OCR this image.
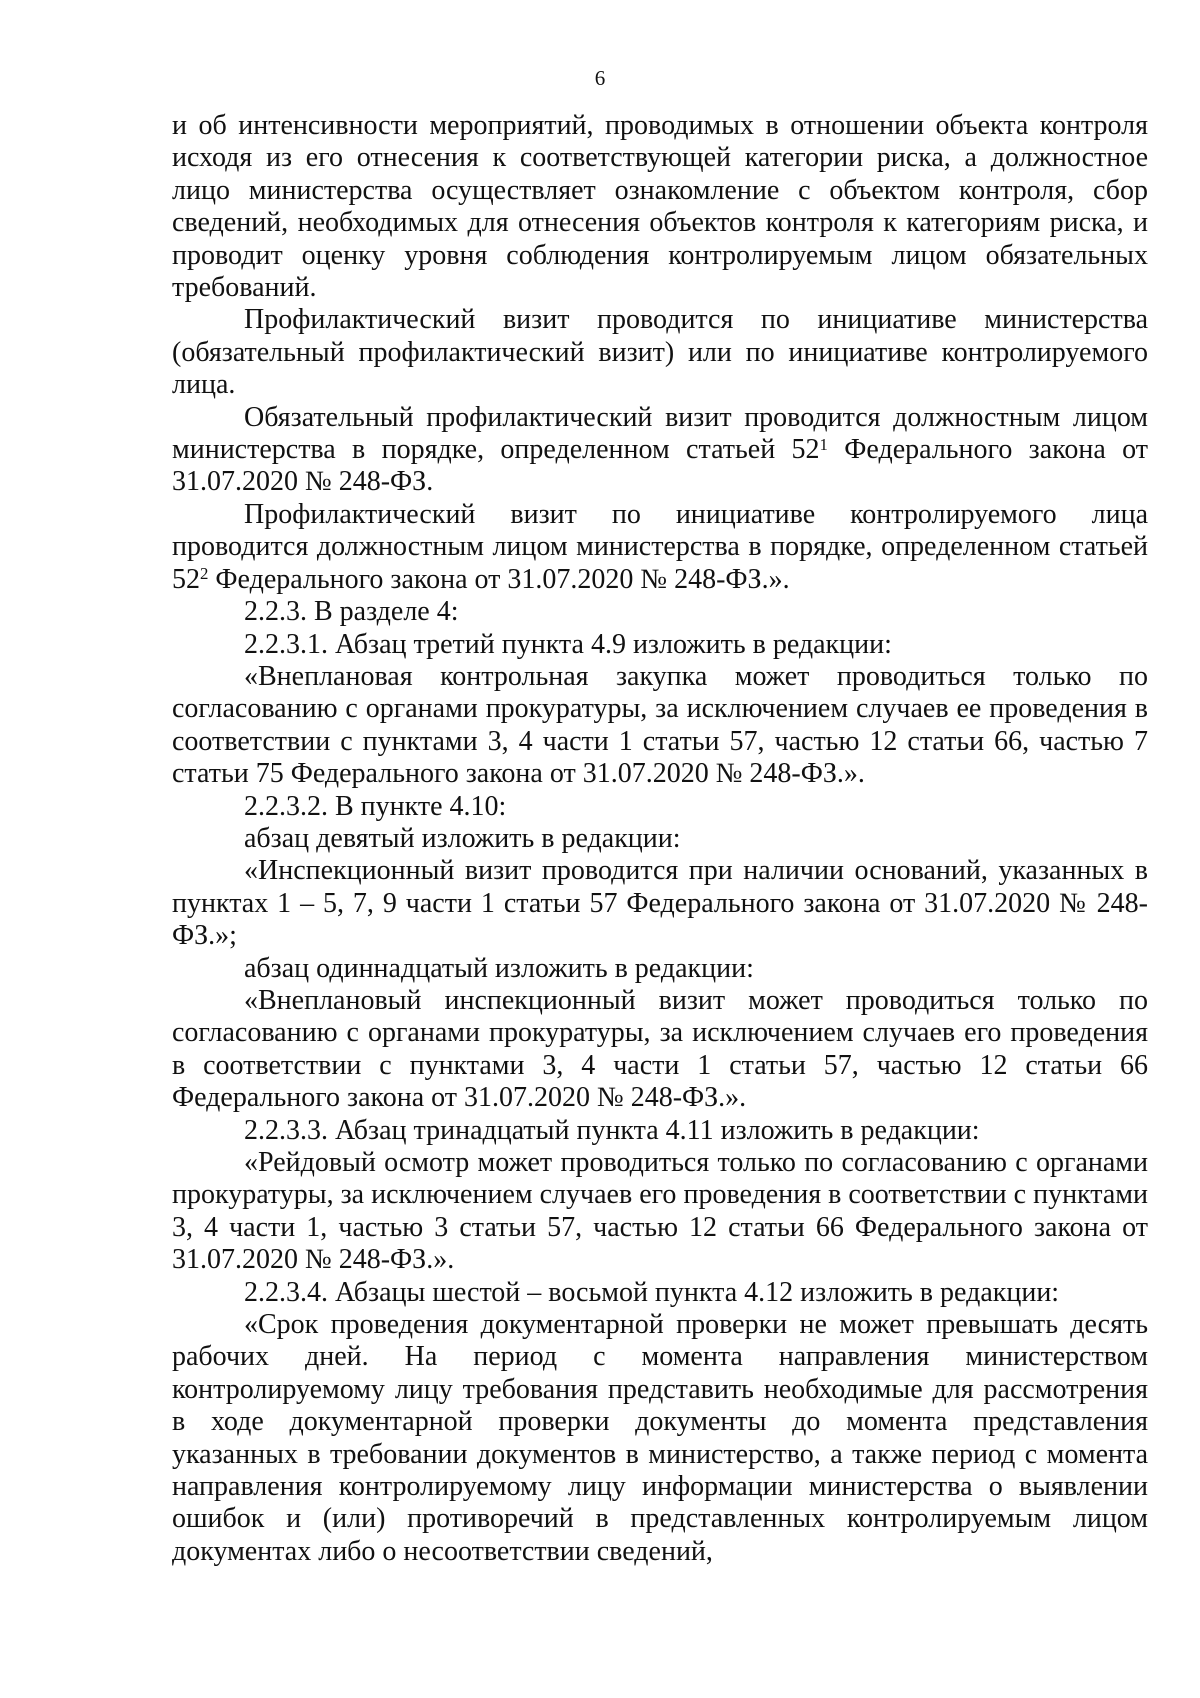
6

и об интенсивности мероприятий, проводимых в отношении объекта контроля исходя из его отнесения к соответствующей категории риска, а должностное лицо министерства осуществляет ознакомление с объектом контроля, сбор сведений, необходимых для отнесения объектов контроля к категориям риска, и проводит оценку уровня соблюдения контролируемым лицом обязательных требований.

Профилактический визит проводится по инициативе министерства (обязательный профилактический визит) или по инициативе контролируемого лица.

Обязательный профилактический визит проводится должностным лицом министерства в порядке, определенном статьей $52^1$ Федерального закона от 31.07.2020 № 248-ФЗ.

Профилактический визит по инициативе контролируемого лица проводится должностным лицом министерства в порядке, определенном статьей $52^2$ Федерального закона от 31.07.2020 № 248-ФЗ.».

2.2.3. В разделе 4:

2.2.3.1. Абзац третий пункта 4.9 изложить в редакции:

«Внеплановая контрольная закупка может проводиться только по согласованию с органами прокуратуры, за исключением случаев ее проведения в соответствии с пунктами 3, 4 части 1 статьи 57, частью 12 статьи 66, частью 7 статьи 75 Федерального закона от 31.07.2020 № 248-ФЗ.».

2.2.3.2. В пункте 4.10:

абзац девятый изложить в редакции:

«Инспекционный визит проводится при наличии оснований, указанных в пунктах 1 – 5, 7, 9 части 1 статьи 57 Федерального закона от 31.07.2020 № 248-ФЗ.»;

абзац одиннадцатый изложить в редакции:

«Внеплановый инспекционный визит может проводиться только по согласованию с органами прокуратуры, за исключением случаев его проведения в соответствии с пунктами 3, 4 части 1 статьи 57, частью 12 статьи 66 Федерального закона от 31.07.2020 № 248-ФЗ.».

2.2.3.3. Абзац тринадцатый пункта 4.11 изложить в редакции:

«Рейдовый осмотр может проводиться только по согласованию с органами прокуратуры, за исключением случаев его проведения в соответствии с пунктами 3, 4 части 1, частью 3 статьи 57, частью 12 статьи 66 Федерального закона от 31.07.2020 № 248-ФЗ.».

2.2.3.4. Абзацы шестой – восьмой пункта 4.12 изложить в редакции:

«Срок проведения документарной проверки не может превышать десять рабочих дней. На период с момента направления министерством контролируемому лицу требования представить необходимые для рассмотрения в ходе документарной проверки документы до момента представления указанных в требовании документов в министерство, а также период с момента направления контролируемому лицу информации министерства о выявлении ошибок и (или) противоречий в представленных контролируемым лицом документах либо о несоответствии сведений,
